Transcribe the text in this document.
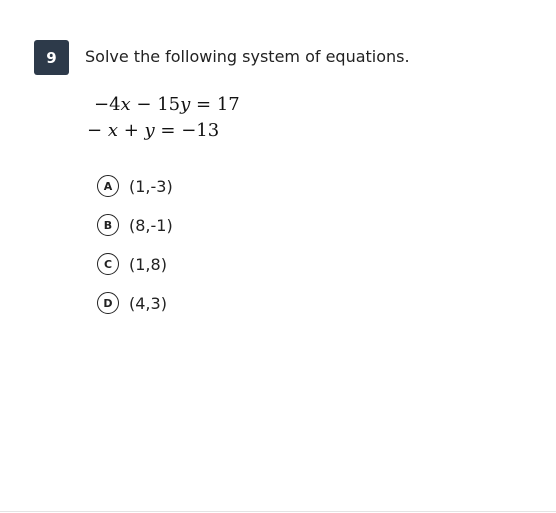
9 Solve the following system of equations.
−4x − 15y = 17
− x + y = −13
A	(1,-3)
B	(8,-1)
C	(1,8)
D	(4,3)
